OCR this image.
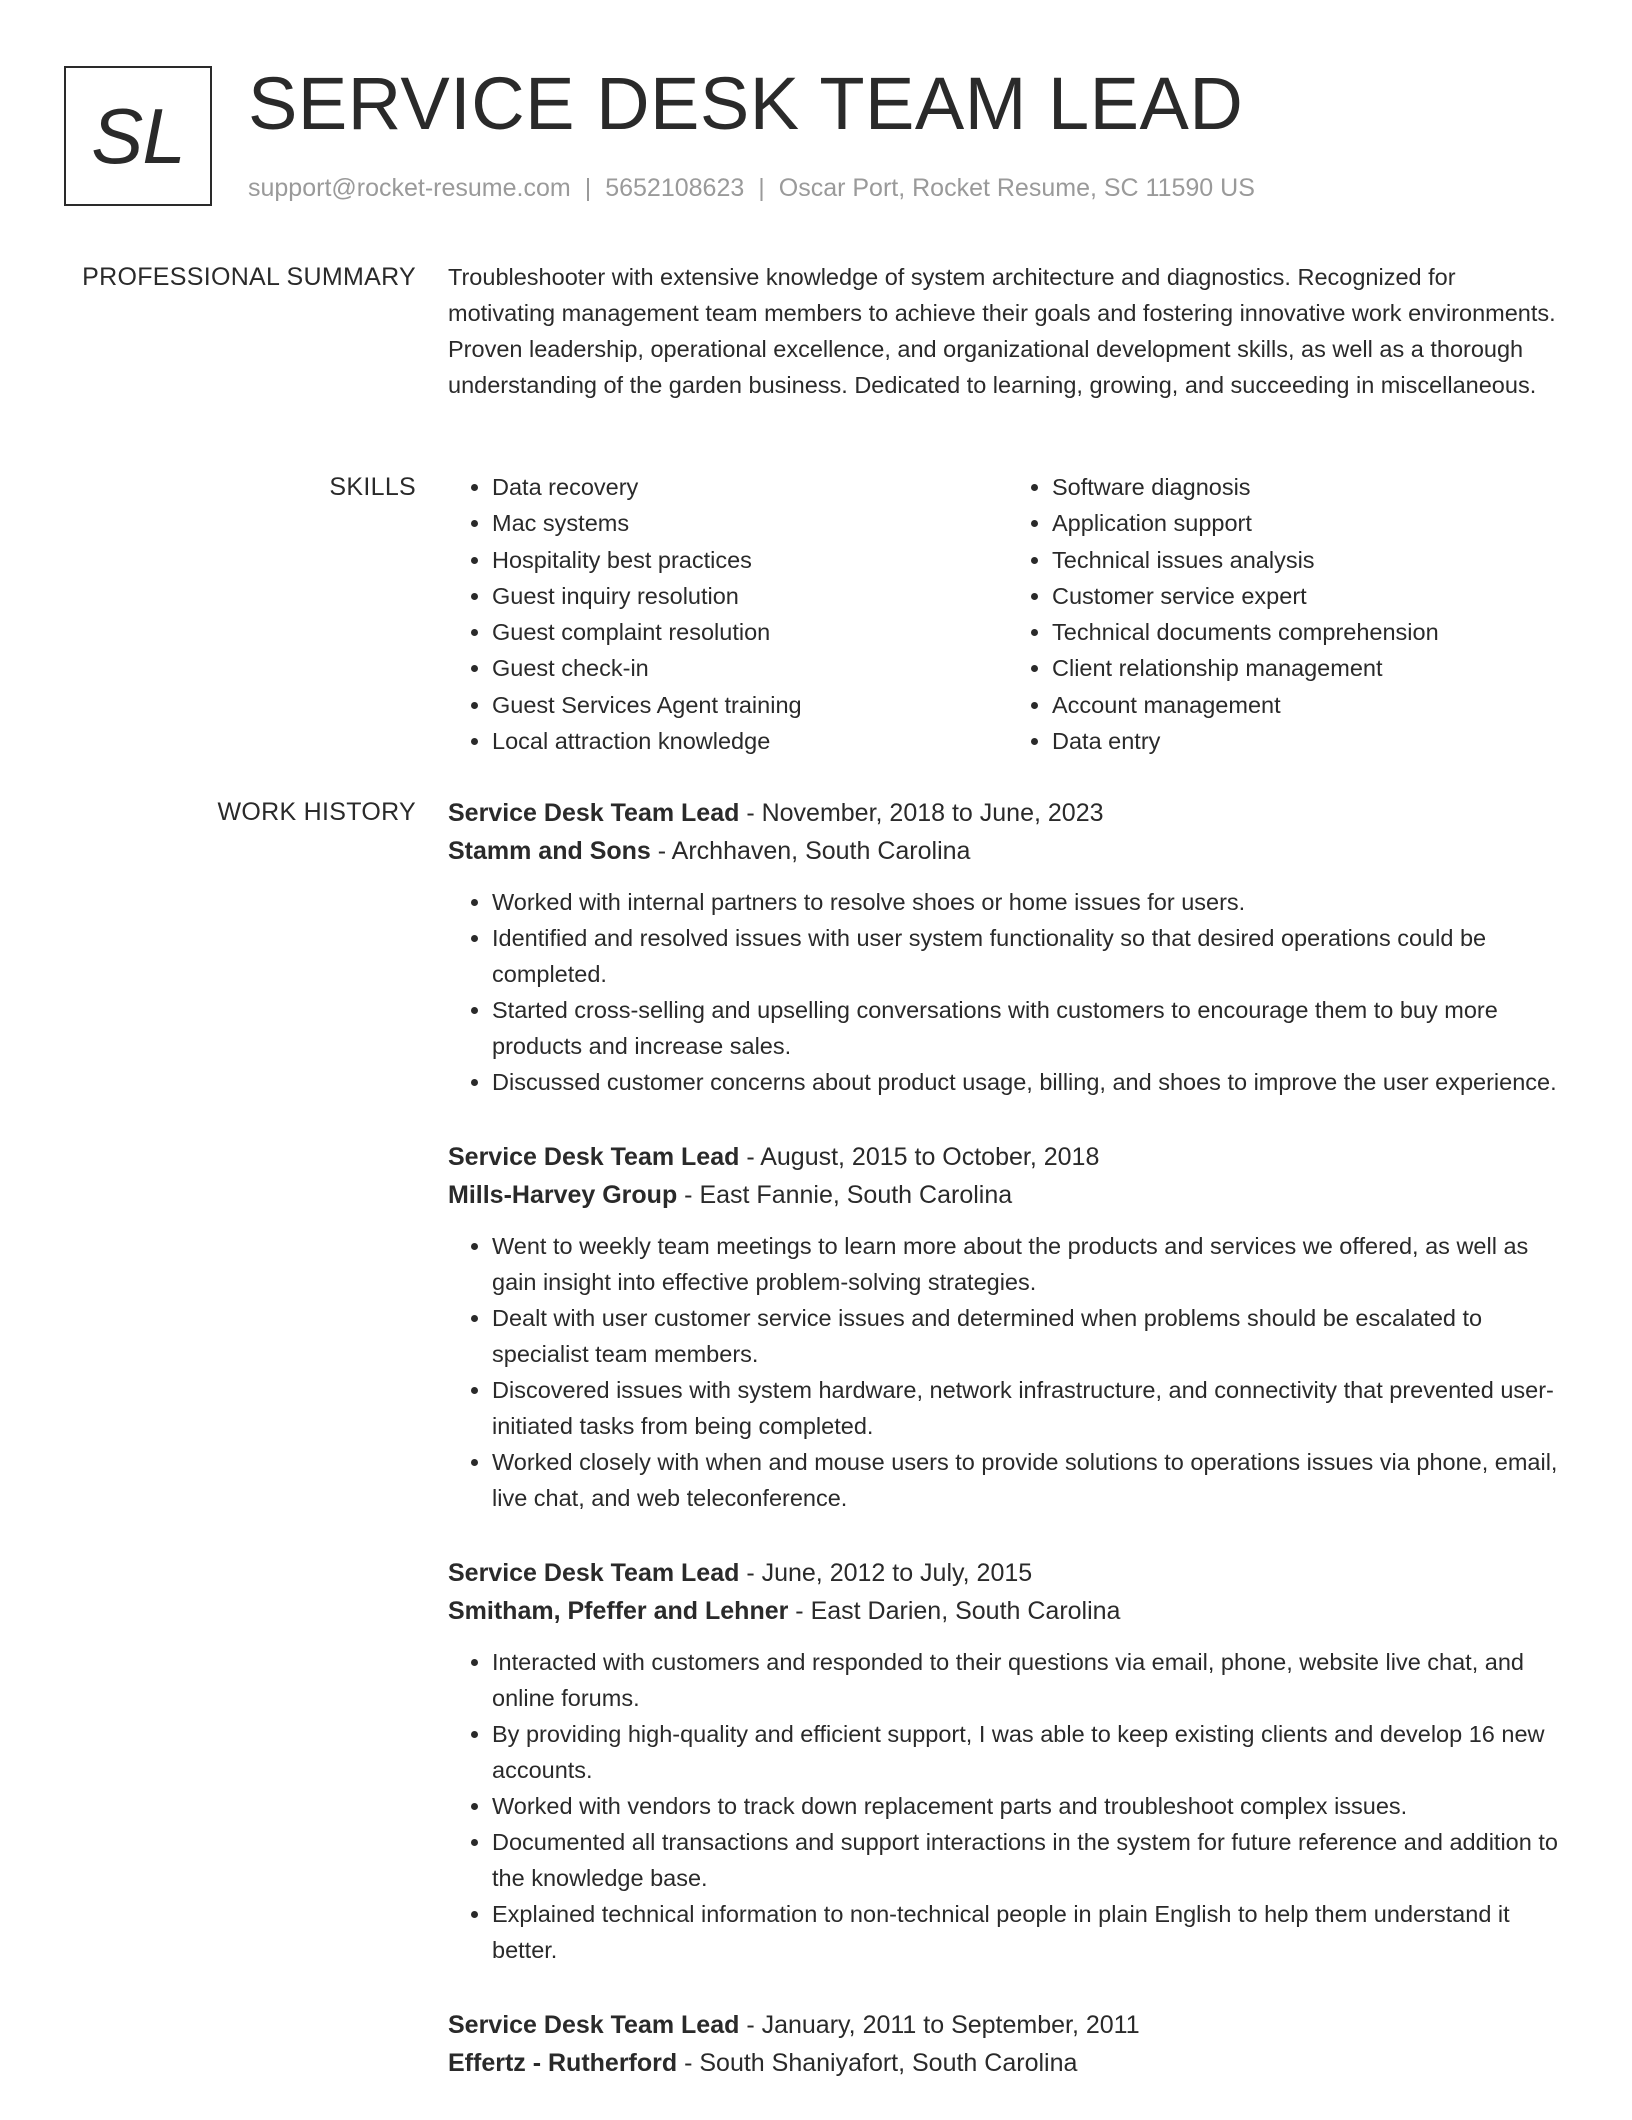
SL SERVICE DESK TEAM LEAD
support@rocket-resume.com | 5652108623 | Oscar Port, Rocket Resume, SC 11590 US
PROFESSIONAL SUMMARY Troubleshooter with extensive knowledge of system architecture and diagnostics. Recognized for motivating management team members to achieve their goals and fostering innovative work environments. Proven leadership, operational excellence, and organizational development skills, as well as a thorough understanding of the garden business. Dedicated to learning, growing, and succeeding in miscellaneous.

SKILLS
•	Data recovery
• Mac systems
• Hospitality best practices
• Guest inquiry resolution
• Guest complaint resolution
• Guest check-in
• Guest Services Agent training
• Local attraction knowledge
• Software diagnosis
• Application support
• Technical issues analysis
• Customer service expert
• Technical documents comprehension
• Client relationship management
• Account management
• Data entry
WORK HISTORY Service Desk Team Lead - November, 2018 to June, 2023
Stamm and Sons - Archhaven, South Carolina
• Worked with internal partners to resolve shoes or home issues for users.
• Identified and resolved issues with user system functionality so that desired operations could be completed.
• Started cross-selling and upselling conversations with customers to encourage them to buy more products and increase sales.
• Discussed customer concerns about product usage, billing, and shoes to improve the user experience.
Service Desk Team Lead - August, 2015 to October, 2018
Mills-Harvey Group - East Fannie, South Carolina
• Went to weekly team meetings to learn more about the products and services we offered, as well as gain insight into effective problem-solving strategies.
• Dealt with user customer service issues and determined when problems should be escalated to specialist team members.
• Discovered issues with system hardware, network infrastructure, and connectivity that prevented user-initiated tasks from being completed.
• Worked closely with when and mouse users to provide solutions to operations issues via phone, email, live chat, and web teleconference.
Service Desk Team Lead - June, 2012 to July, 2015
Smitham, Pfeffer and Lehner - East Darien, South Carolina
• Interacted with customers and responded to their questions via email, phone, website live chat, and online forums.
• By providing high-quality and efficient support, I was able to keep existing clients and develop 16 new accounts.
• Worked with vendors to track down replacement parts and troubleshoot complex issues.
• Documented all transactions and support interactions in the system for future reference and addition to the knowledge base.
• Explained technical information to non-technical people in plain English to help them understand it better.
Service Desk Team Lead - January, 2011 to September, 2011
Effertz - Rutherford - South Shaniyafort, South Carolina
